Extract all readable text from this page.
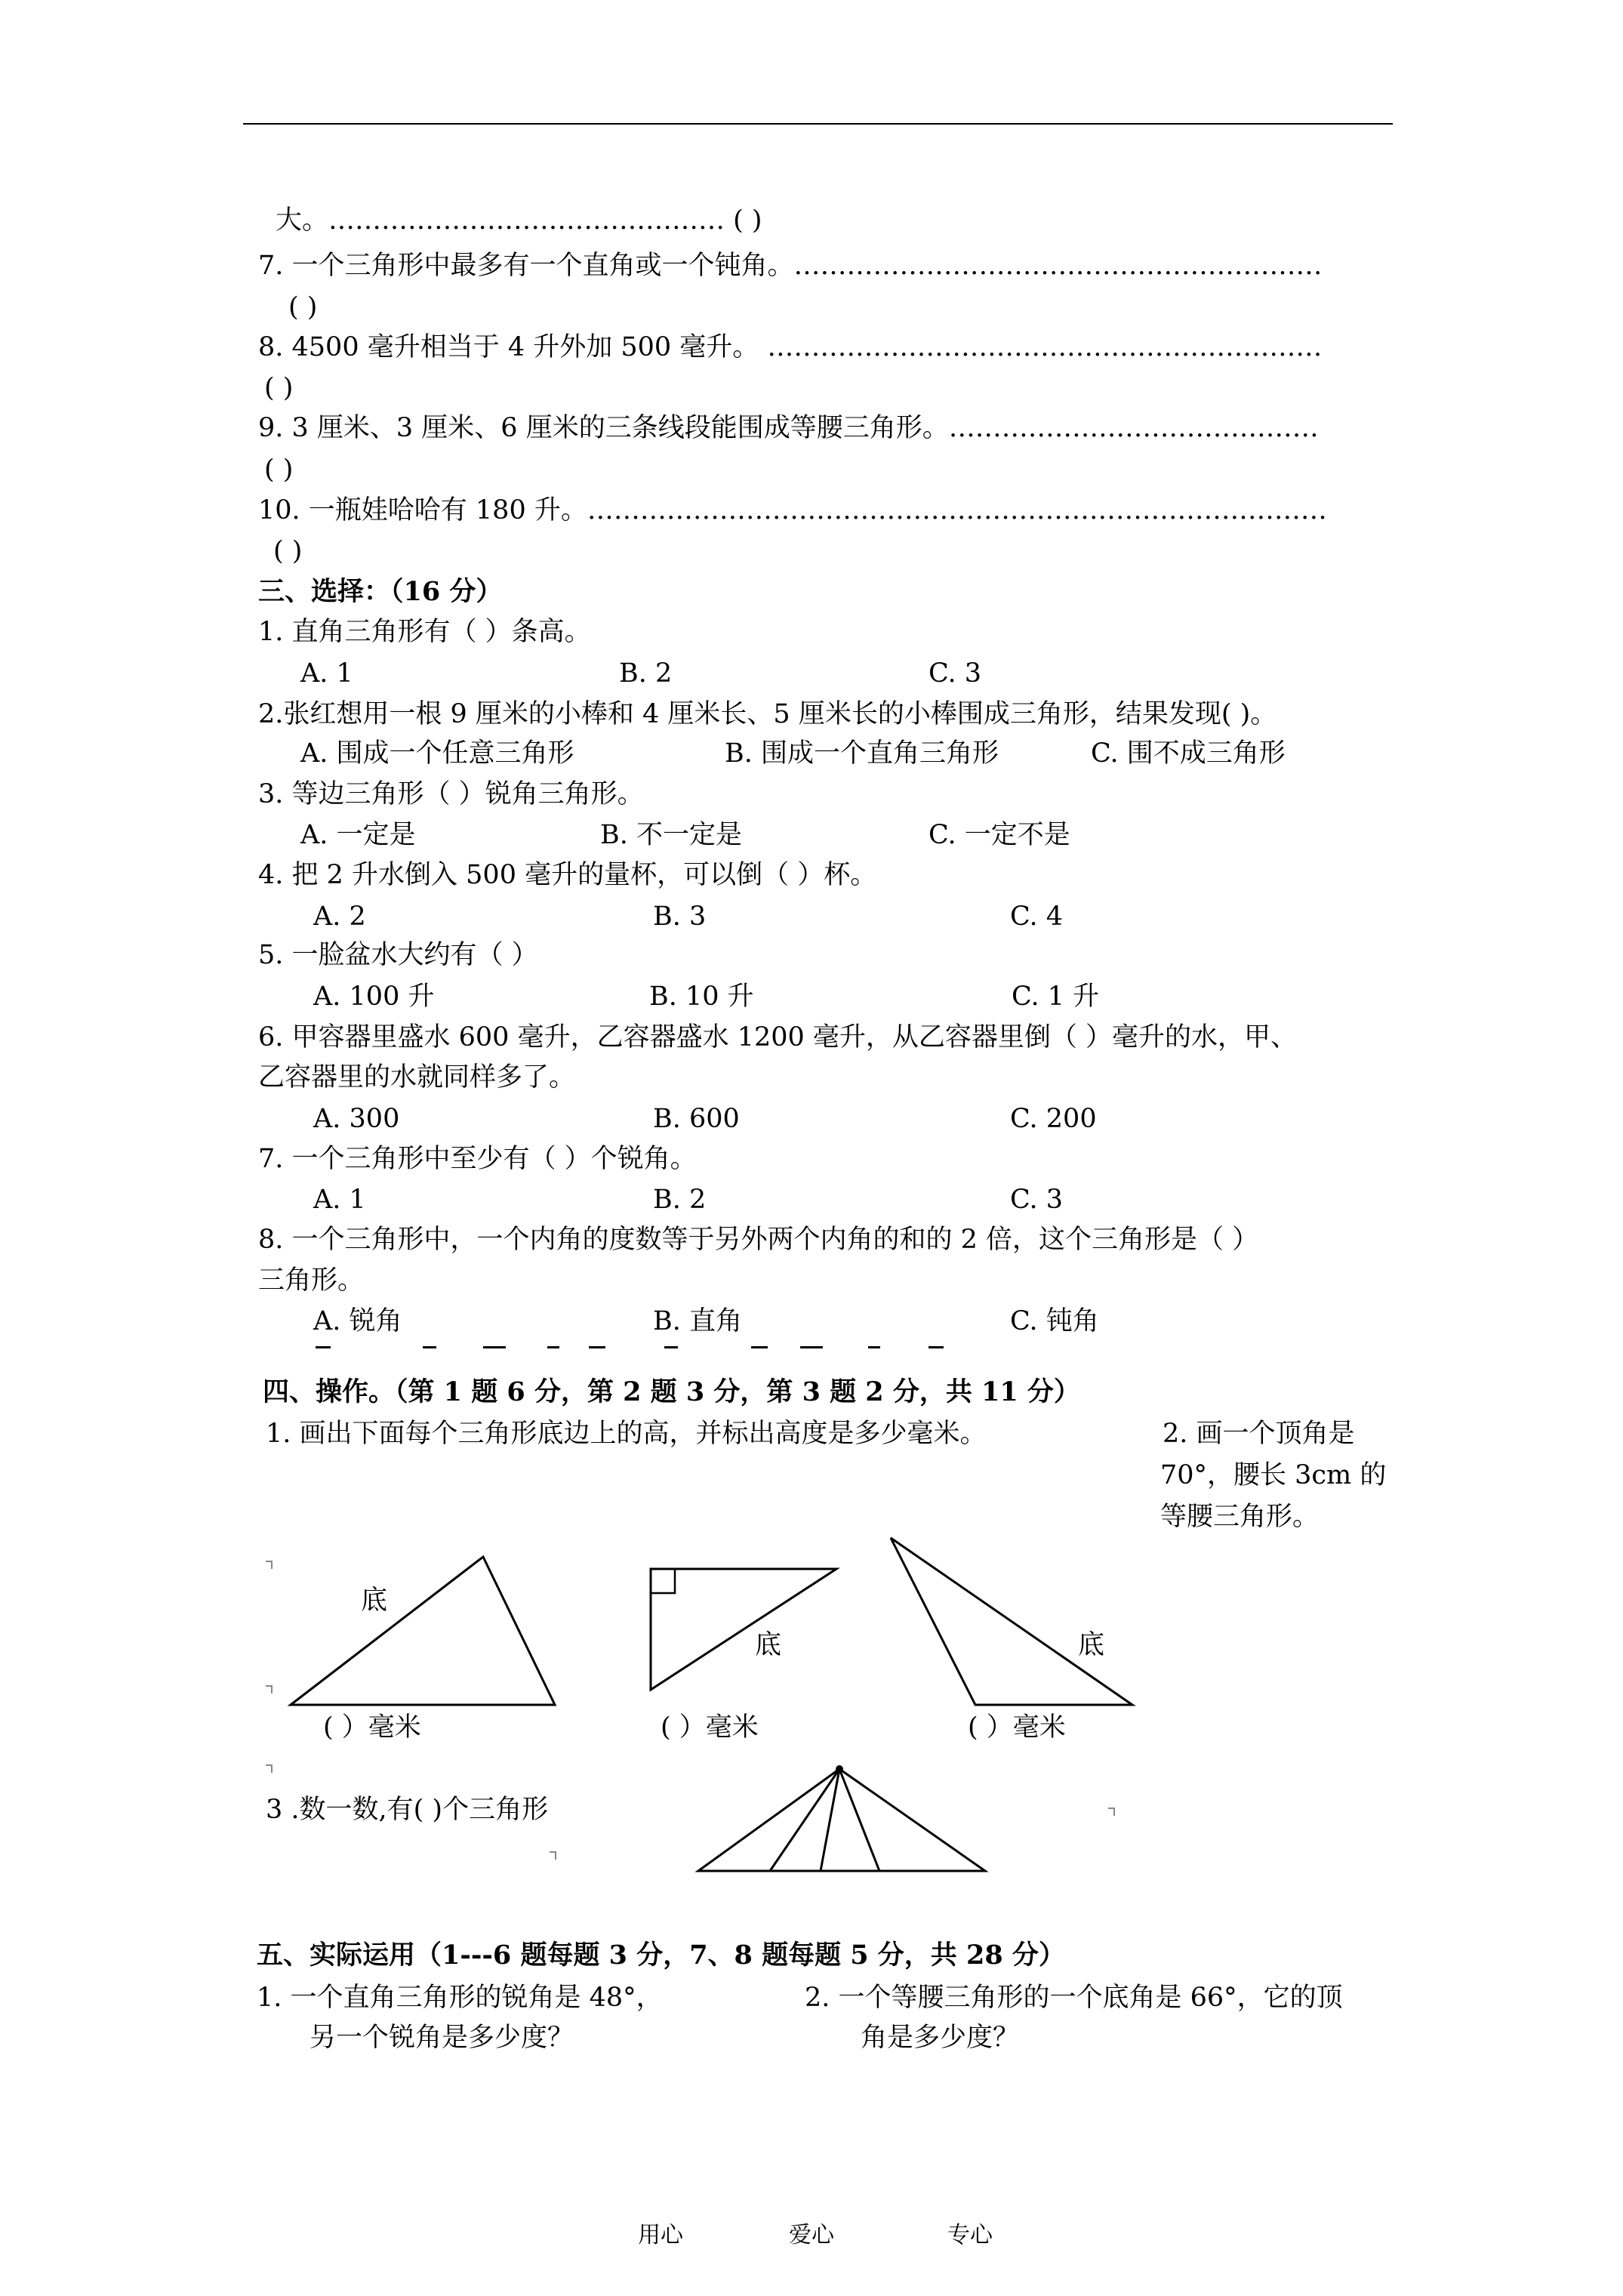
大。……………………………………… ( )
7. 一个三角形中最多有一个直角或一个钝角。……………………………………………………
( )
8. 4500 毫升相当于 4 升外加 500 毫升。 ………………………………………………………
( )
9. 3 厘米、3 厘米、6 厘米的三条线段能围成等腰三角形。……………………………………
( )
10. 一瓶娃哈哈有 180 升。…………………………………………………………………………
( )
三、选择：（16 分）
1. 直角三角形有（ ）条高。
A. 1	B. 2	C. 3
2.张红想用一根 9 厘米的小棒和 4 厘米长、5 厘米长的小棒围成三角形，结果发现( )。
A. 围成一个任意三角形	B. 围成一个直角三角形	C. 围不成三角形
3. 等边三角形（ ）锐角三角形。
A. 一定是	B. 不一定是	C. 一定不是
4. 把 2 升水倒入 500 毫升的量杯，可以倒（ ）杯。
A. 2	B. 3	C. 4
5. 一脸盆水大约有（ ）
A. 100 升	B. 10 升	C. 1 升
6. 甲容器里盛水 600 毫升，乙容器盛水 1200 毫升，从乙容器里倒（ ）毫升的水，甲、
乙容器里的水就同样多了。
A. 300	B. 600	C. 200
7. 一个三角形中至少有（ ）个锐角。
A. 1	B. 2	C. 3
8. 一个三角形中，一个内角的度数等于另外两个内角的和的 2 倍，这个三角形是（ ）
三角形。
A. 锐角	B. 直角	C. 钝角
四、操作。（第 1 题 6 分，第 2 题 3 分，第 3 题 2 分，共 11 分）
1. 画出下面每个三角形底边上的高，并标出高度是多少毫米。	2. 画一个顶角是
70°，腰长 3cm 的
等腰三角形。
底
底	底
( ）毫米	( ）毫米	( ）毫米
3 .数一数,有( )个三角形
五、实际运用（1---6 题每题 3 分，7、8 题每题 5 分，共 28 分）
1. 一个直角三角形的锐角是 48°，
另一个锐角是多少度？
2. 一个等腰三角形的一个底角是 66°，它的顶
角是多少度？
用心	爱心	专心
